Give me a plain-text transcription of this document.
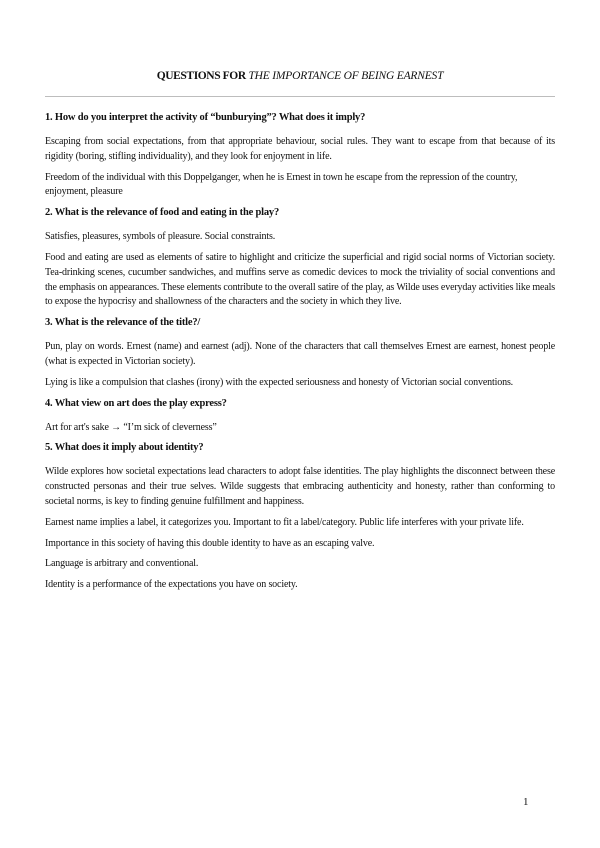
QUESTIONS FOR THE IMPORTANCE OF BEING EARNEST
1. How do you interpret the activity of “bunburying”? What does it imply?
Escaping from social expectations, from that appropriate behaviour, social rules. They want to escape from that because of its rigidity (boring, stifling individuality), and they look for enjoyment in life.
Freedom of the individual with this Doppelganger, when he is Ernest in town he escape from the repression of the country, enjoyment, pleasure
2. What is the relevance of food and eating in the play?
Satisfies, pleasures, symbols of pleasure. Social constraints.
Food and eating are used as elements of satire to highlight and criticize the superficial and rigid social norms of Victorian society. Tea-drinking scenes, cucumber sandwiches, and muffins serve as comedic devices to mock the triviality of social conventions and the emphasis on appearances. These elements contribute to the overall satire of the play, as Wilde uses everyday activities like meals to expose the hypocrisy and shallowness of the characters and the society in which they live.
3. What is the relevance of the title?/
Pun, play on words. Ernest (name) and earnest (adj). None of the characters that call themselves Ernest are earnest, honest people (what is expected in Victorian society).
Lying is like a compulsion that clashes (irony) with the expected seriousness and honesty of Victorian social conventions.
4. What view on art does the play express?
Art for art's sake → “I’m sick of cleverness”
5. What does it imply about identity?
Wilde explores how societal expectations lead characters to adopt false identities. The play highlights the disconnect between these constructed personas and their true selves. Wilde suggests that embracing authenticity and honesty, rather than conforming to societal norms, is key to finding genuine fulfillment and happiness.
Earnest name implies a label, it categorizes you. Important to fit a label/category. Public life interferes with your private life.
Importance in this society of having this double identity to have as an escaping valve.
Language is arbitrary and conventional.
Identity is a performance of the expectations you have on society.
1
